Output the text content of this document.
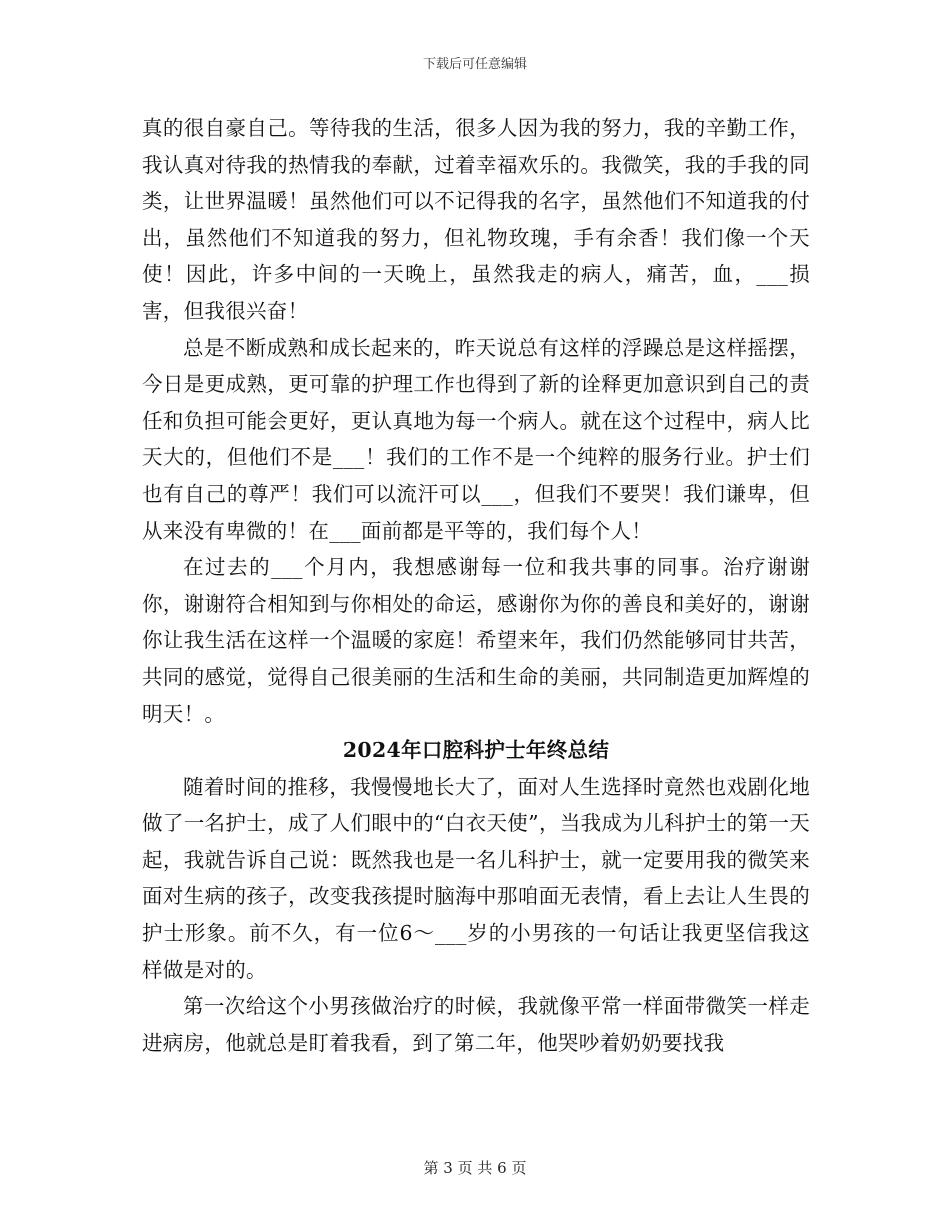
下载后可任意编辑

真的很自豪自己。等待我的生活，很多人因为我的努力，我的辛勤工作，我认真对待我的热情我的奉献，过着幸福欢乐的。我微笑，我的手我的同类，让世界温暖！虽然他们可以不记得我的名字，虽然他们不知道我的付出，虽然他们不知道我的努力，但礼物玫瑰，手有余香！我们像一个天使！因此，许多中间的一天晚上，虽然我走的病人，痛苦，血，___损害，但我很兴奋！

总是不断成熟和成长起来的，昨天说总有这样的浮躁总是这样摇摆，今日是更成熟，更可靠的护理工作也得到了新的诠释更加意识到自己的责任和负担可能会更好，更认真地为每一个病人。就在这个过程中，病人比天大的，但他们不是___！我们的工作不是一个纯粹的服务行业。护士们也有自己的尊严！我们可以流汗可以___，但我们不要哭！我们谦卑，但从来没有卑微的！在___面前都是平等的，我们每个人！

在过去的___个月内，我想感谢每一位和我共事的同事。治疗谢谢你，谢谢符合相知到与你相处的命运，感谢你为你的善良和美好的，谢谢你让我生活在这样一个温暖的家庭！希望来年，我们仍然能够同甘共苦，共同的感觉，觉得自己很美丽的生活和生命的美丽，共同制造更加辉煌的明天！。

2024年口腔科护士年终总结

随着时间的推移，我慢慢地长大了，面对人生选择时竟然也戏剧化地做了一名护士，成了人们眼中的“白衣天使”，当我成为儿科护士的第一天起，我就告诉自己说：既然我也是一名儿科护士，就一定要用我的微笑来面对生病的孩子，改变我孩提时脑海中那咱面无表情，看上去让人生畏的护士形象。前不久，有一位6～___岁的小男孩的一句话让我更坚信我这样做是对的。

第一次给这个小男孩做治疗的时候，我就像平常一样面带微笑一样走进病房，他就总是盯着我看，到了第二年，他哭吵着奶奶要找我

第 3 页 共 6 页
